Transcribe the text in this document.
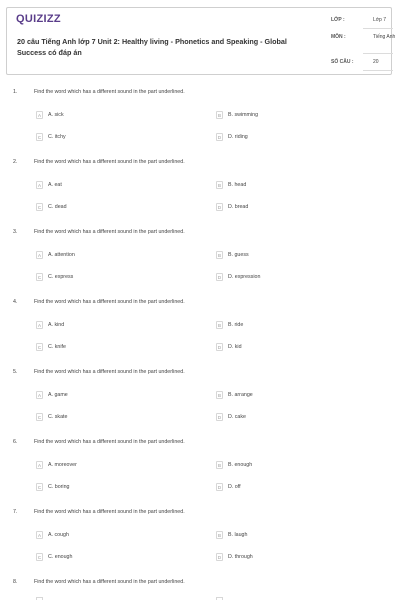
QUIZIZZ
20 câu Tiếng Anh lớp 7 Unit 2: Healthy living - Phonetics and Speaking - Global Success có đáp án
LỚP :	Lớp 7
MÔN :	Tiếng Anh
SỐ CÂU :	20
1.	Find the word which has a different sound in the part underlined.
A	A. sick	B	B. swimming
C	C. itchy	D	D. riding
2.	Find the word which has a different sound in the part underlined.
A	A. eat	B	B. head
C	C. dead	D	D. bread
3.	Find the word which has a different sound in the part underlined.
A	A. attention	B	B. guess
C	C. express	D	D. expression
4.	Find the word which has a different sound in the part underlined.
A	A. kind	B	B. ride
C	C. knife	D	D. kid
5.	Find the word which has a different sound in the part underlined.
A	A. game	B	B. arrange
C	C. skate	D	D. cake
6.	Find the word which has a different sound in the part underlined.
A	A. moreover	B	B. enough
C	C. boring	D	D. off
7.	Find the word which has a different sound in the part underlined.
A	A. cough	B	B. laugh
C	C. enough	D	D. through
8.	Find the word which has a different sound in the part underlined.
